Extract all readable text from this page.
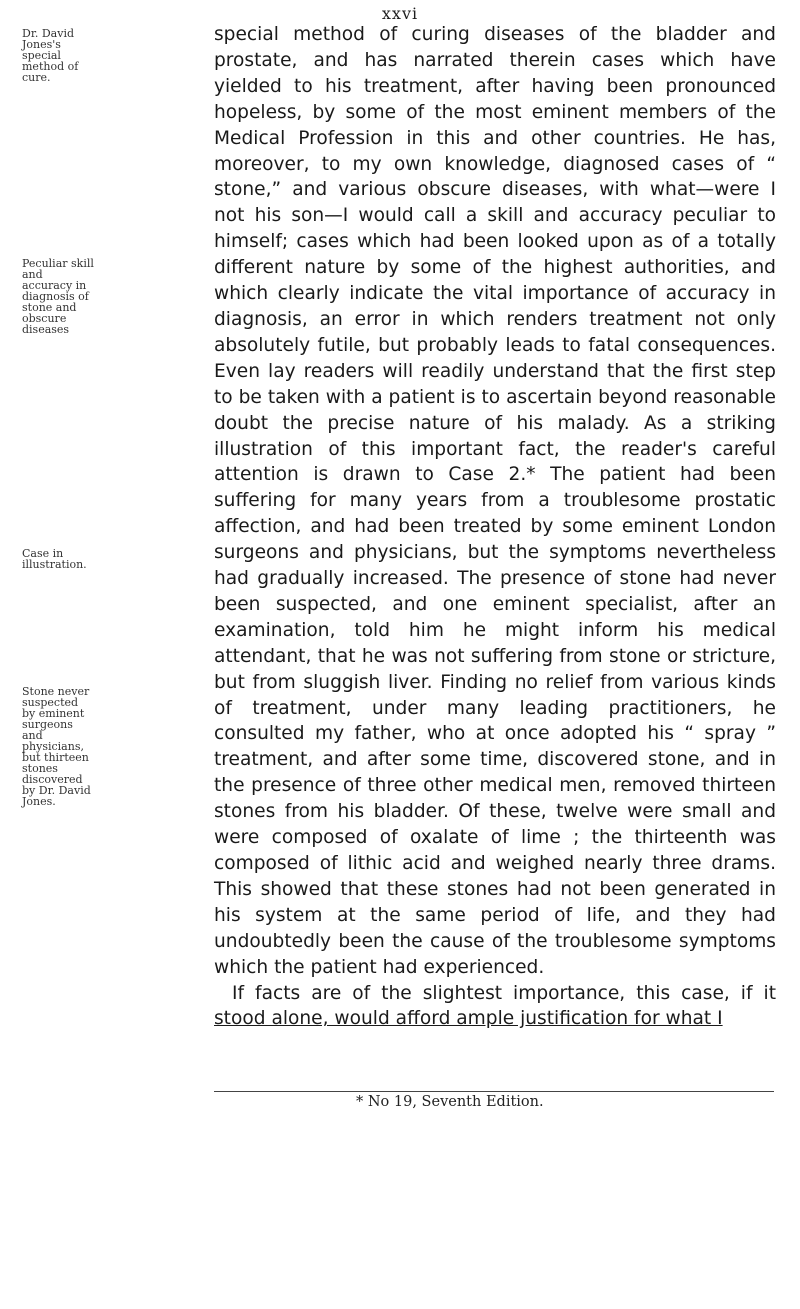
xxvi
Dr. David Jones's special method of cure.
Peculiar skill and accuracy in diagnosis of stone and obscure diseases
Case in illustration.
Stone never suspected by eminent surgeons and physicians, but thirteen stones discovered by Dr. David Jones.

special method of curing diseases of the bladder and prostate, and has narrated therein cases which have yielded to his treatment, after having been pronounced hopeless, by some of the most eminent members of the Medical Profession in this and other countries. He has, moreover, to my own knowledge, diagnosed cases of “ stone,” and various obscure diseases, with what—were I not his son—I would call a skill and accuracy peculiar to himself; cases which had been looked upon as of a totally different nature by some of the highest authorities, and which clearly indicate the vital importance of accuracy in diagnosis, an error in which renders treatment not only absolutely futile, but probably leads to fatal consequences. Even lay readers will readily understand that the first step to be taken with a patient is to ascertain beyond reasonable doubt the precise nature of his malady. As a striking illustration of this important fact, the reader's careful attention is drawn to Case 2.* The patient had been suffering for many years from a troublesome prostatic affection, and had been treated by some eminent London surgeons and physicians, but the symptoms nevertheless had gradually increased. The presence of stone had never been suspected, and one eminent specialist, after an examination, told him he might inform his medical attendant, that he was not suffering from stone or stricture, but from sluggish liver. Finding no relief from various kinds of treatment, under many leading practitioners, he consulted my father, who at once adopted his “ spray ” treatment, and after some time, discovered stone, and in the presence of three other medical men, removed thirteen stones from his bladder. Of these, twelve were small and were composed of oxalate of lime ; the thirteenth was composed of lithic acid and weighed nearly three drams. This showed that these stones had not been generated in his system at the same period of life, and they had undoubtedly been the cause of the troublesome symptoms which the patient had experienced.

If facts are of the slightest importance, this case, if it stood alone, would afford ample justification for what I

* No 19, Seventh Edition.
